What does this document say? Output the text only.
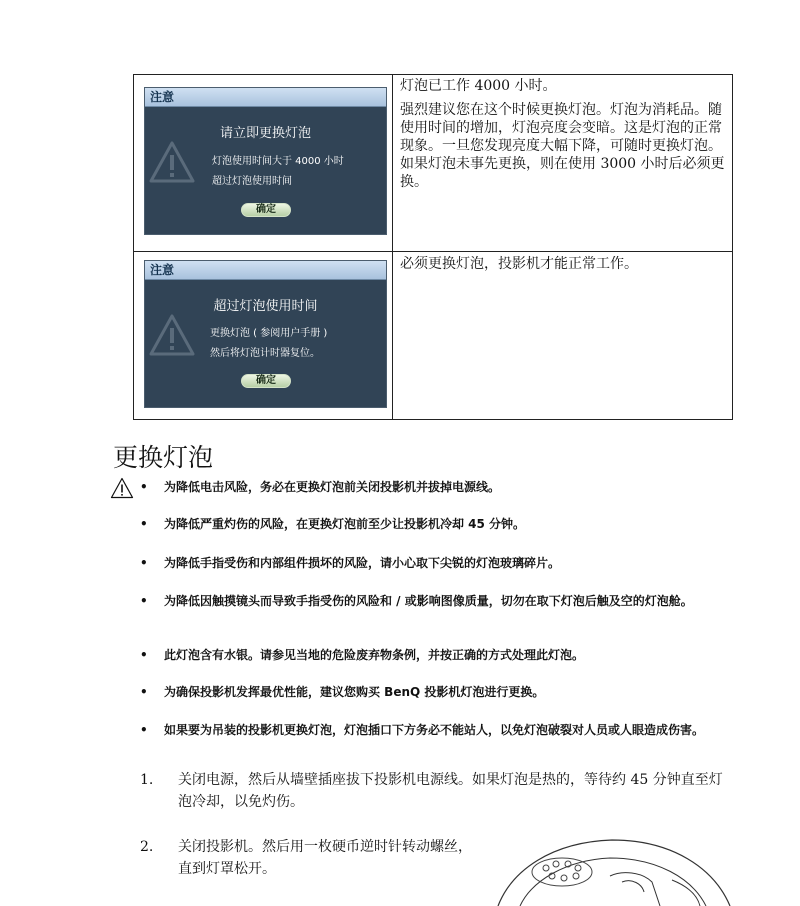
注意
请立即更换灯泡
灯泡使用时间大于 4000 小时
超过灯泡使用时间
确定

灯泡已工作 4000 小时。

强烈建议您在这个时候更换灯泡。灯泡为消耗品。随使用时间的增加，灯泡亮度会变暗。这是灯泡的正常现象。一旦您发现亮度大幅下降，可随时更换灯泡。如果灯泡未事先更换，则在使用 3000 小时后必须更换。

注意
超过灯泡使用时间
更换灯泡 ( 参阅用户手册 )
然后将灯泡计时器复位。
确定

必须更换灯泡，投影机才能正常工作。

更换灯泡
• 为降低电击风险，务必在更换灯泡前关闭投影机并拔掉电源线。
• 为降低严重灼伤的风险，在更换灯泡前至少让投影机冷却 45 分钟。
• 为降低手指受伤和内部组件损坏的风险，请小心取下尖锐的灯泡玻璃碎片。
• 为降低因触摸镜头而导致手指受伤的风险和 / 或影响图像质量，切勿在取下灯泡后触及空的灯泡舱。
• 此灯泡含有水银。请参见当地的危险废弃物条例，并按正确的方式处理此灯泡。
• 为确保投影机发挥最优性能，建议您购买 BenQ 投影机灯泡进行更换。
• 如果要为吊装的投影机更换灯泡，灯泡插口下方务必不能站人，以免灯泡破裂对人员或人眼造成伤害。
1. 关闭电源，然后从墙壁插座拔下投影机电源线。如果灯泡是热的，等待约 45 分钟直至灯泡冷却，以免灼伤。
2. 关闭投影机。然后用一枚硬币逆时针转动螺丝，直到灯罩松开。
